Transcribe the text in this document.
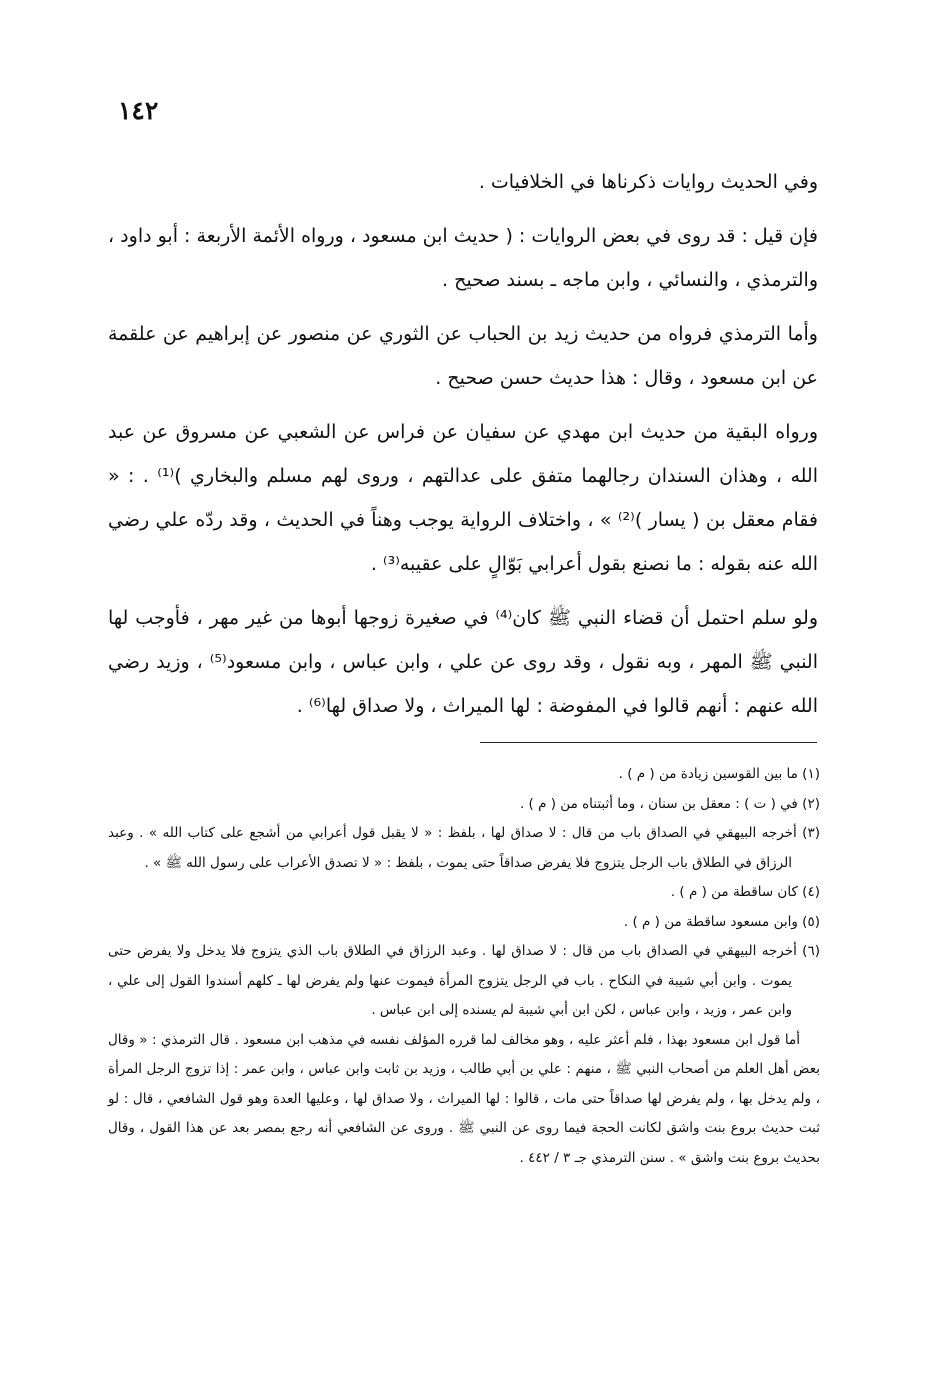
١٤٢

وفي الحديث روايات ذكرناها في الخلافيات .

فإن قيل : قد روى في بعض الروايات : ( حديث ابن مسعود ، ورواه الأئمة الأربعة : أبو داود ، والترمذي ، والنسائي ، وابن ماجه ـ بسند صحيح .

وأما الترمذي فرواه من حديث زيد بن الحباب عن الثوري عن منصور عن إبراهيم عن علقمة عن ابن مسعود ، وقال : هذا حديث حسن صحيح .

ورواه البقية من حديث ابن مهدي عن سفيان عن فراس عن الشعبي عن مسروق عن عبد الله ، وهذان السندان رجالهما متفق على عدالتهم ، وروى لهم مسلم والبخاري )⁽¹⁾ . : « فقام معقل بن ( يسار )⁽²⁾ » ، واختلاف الرواية يوجب وهناً في الحديث ، وقد ردّه علي رضي الله عنه بقوله : ما نصنع بقول أعرابي بَوّالٍ على عقيبه⁽³⁾ .

ولو سلم احتمل أن قضاء النبي ﷺ كان⁽⁴⁾ في صغيرة زوجها أبوها من غير مهر ، فأوجب لها النبي ﷺ المهر ، وبه نقول ، وقد روى عن علي ، وابن عباس ، وابن مسعود⁽⁵⁾ ، وزيد رضي الله عنهم : أنهم قالوا في المفوضة : لها الميراث ، ولا صداق لها⁽⁶⁾ .

(١) ما بين القوسين زيادة من ( م ) .

(٢) في ( ت ) : معقل بن سنان ، وما أثبتناه من ( م ) .

(٣) أخرجه البيهقي في الصداق باب من قال : لا صداق لها ، بلفظ : « لا يقبل قول أعرابي من أشجع على كتاب الله » . وعبد الرزاق في الطلاق باب الرجل يتزوج فلا يفرض صداقاً حتى يموت ، بلفظ : « لا تصدق الأعراب على رسول الله ﷺ » .

(٤) كان ساقطة من ( م ) .

(٥) وابن مسعود ساقطة من ( م ) .

(٦) أخرجه البيهقي في الصداق باب من قال : لا صداق لها . وعبد الرزاق في الطلاق باب الذي يتزوج فلا يدخل ولا يفرض حتى يموت . وابن أبي شيبة في النكاح . باب في الرجل يتزوج المرأة فيموت عنها ولم يفرض لها ـ كلهم أسندوا القول إلى علي ، وابن عمر ، وزيد ، وابن عباس ، لكن ابن أبي شيبة لم يسنده إلى ابن عباس .

أما قول ابن مسعود بهذا ، فلم أعثر عليه ، وهو مخالف لما قرره المؤلف نفسه في مذهب ابن مسعود . قال الترمذي : « وقال بعض أهل العلم من أصحاب النبي ﷺ ، منهم : علي بن أبي طالب ، وزيد بن ثابت وابن عباس ، وابن عمر : إذا تزوج الرجل المرأة ، ولم يدخل بها ، ولم يفرض لها صداقاً حتى مات ، قالوا : لها الميراث ، ولا صداق لها ، وعليها العدة وهو قول الشافعي ، قال : لو ثبت حديث بروع بنت واشق لكانت الحجة فيما روى عن النبي ﷺ . وروى عن الشافعي أنه رجع بمصر بعد عن هذا القول ، وقال بحديث بروع بنت واشق » . سنن الترمذي جـ ٣ / ٤٤٢ .
